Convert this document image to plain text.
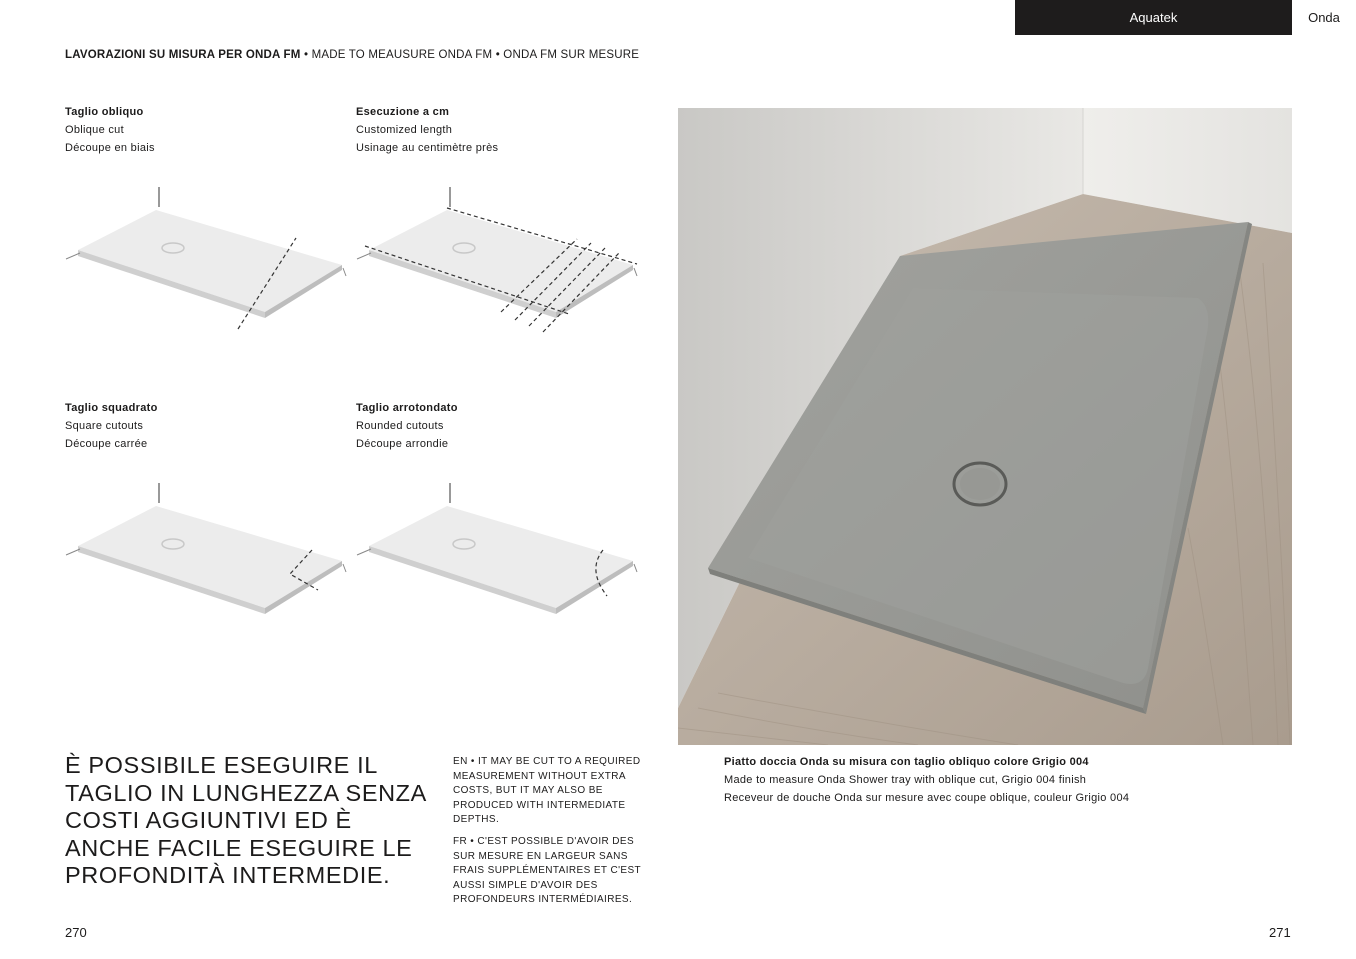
Aquatek	Onda
LAVORAZIONI SU MISURA PER ONDA FM • MADE TO MEAUSURE ONDA FM • ONDA FM SUR MESURE
Taglio obliquo
Oblique cut
Découpe en biais
Esecuzione a cm
Customized length
Usinage au centimètre près
Taglio squadrato
Square cutouts
Découpe carrée
Taglio arrotondato
Rounded cutouts
Découpe arrondie
È POSSIBILE ESEGUIRE IL TAGLIO IN LUNGHEZZA SENZA COSTI AGGIUNTIVI ED È ANCHE FACILE ESEGUIRE LE PROFONDITÀ INTERMEDIE.
EN • IT MAY BE CUT TO A REQUIRED MEASUREMENT WITHOUT EXTRA COSTS, BUT IT MAY ALSO BE PRODUCED WITH INTERMEDIATE DEPTHS.
FR • C'EST POSSIBLE D'AVOIR DES SUR MESURE EN LARGEUR SANS FRAIS SUPPLÉMENTAIRES ET C'EST AUSSI SIMPLE D'AVOIR DES PROFONDEURS INTERMÉDIAIRES.
Piatto doccia Onda su misura con taglio obliquo colore Grigio 004
Made to measure Onda Shower tray with oblique cut, Grigio 004 finish
Receveur de douche Onda sur mesure avec coupe oblique, couleur Grigio 004
270	271
